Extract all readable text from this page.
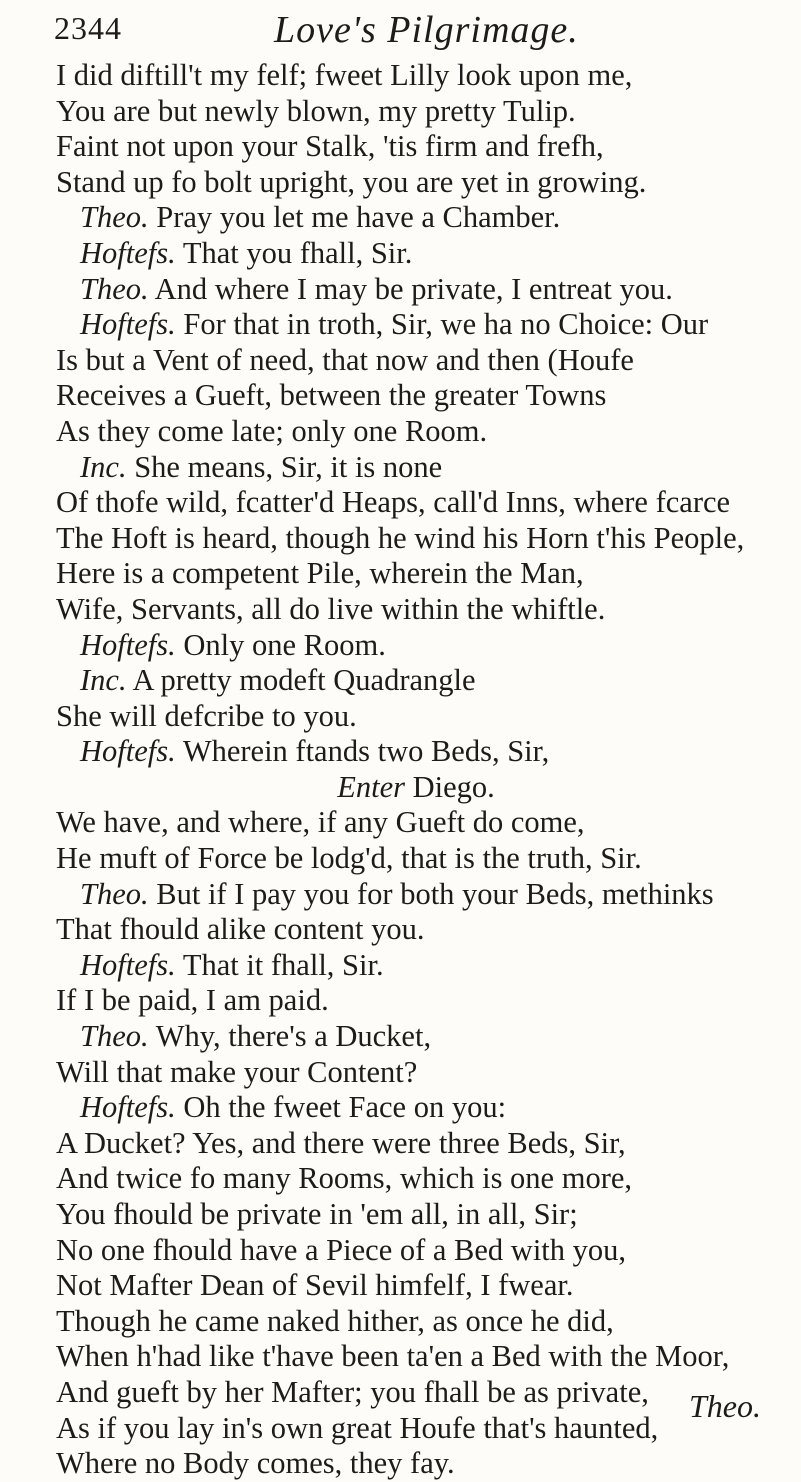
2344	Love's Pilgrimage.
I did diftill't my felf; fweet Lilly look upon me,
You are but newly blown, my pretty Tulip.
Faint not upon your Stalk, 'tis firm and frefh,
Stand up fo bolt upright, you are yet in growing.
Theo. Pray you let me have a Chamber.
Hoftefs. That you fhall, Sir.
Theo. And where I may be private, I entreat you.
Hoftefs. For that in troth, Sir, we ha no Choice: Our
Is but a Vent of need, that now and then (Houfe
Receives a Gueft, between the greater Towns
As they come late; only one Room.
Inc. She means, Sir, it is none
Of thofe wild, fcatter'd Heaps, call'd Inns, where fcarce
The Hoft is heard, though he wind his Horn t'his People,
Here is a competent Pile, wherein the Man,
Wife, Servants, all do live within the whiftle.
Hoftefs. Only one Room.
Inc. A pretty modeft Quadrangle
She will defcribe to you.
Hoftefs. Wherein ftands two Beds, Sir,
Enter Diego.
We have, and where, if any Gueft do come,
He muft of Force be lodg'd, that is the truth, Sir.
Theo. But if I pay you for both your Beds, methinks
That fhould alike content you.
Hoftefs. That it fhall, Sir.
If I be paid, I am paid.
Theo. Why, there's a Ducket,
Will that make your Content?
Hoftefs. Oh the fweet Face on you:
A Ducket? Yes, and there were three Beds, Sir,
And twice fo many Rooms, which is one more,
You fhould be private in 'em all, in all, Sir;
No one fhould have a Piece of a Bed with you,
Not Mafter Dean of Sevil himfelf, I fwear.
Though he came naked hither, as once he did,
When h'had like t'have been ta'en a Bed with the Moor,
And gueft by her Mafter; you fhall be as private,
As if you lay in's own great Houfe that's haunted,
Where no Body comes, they fay.
Theo.
